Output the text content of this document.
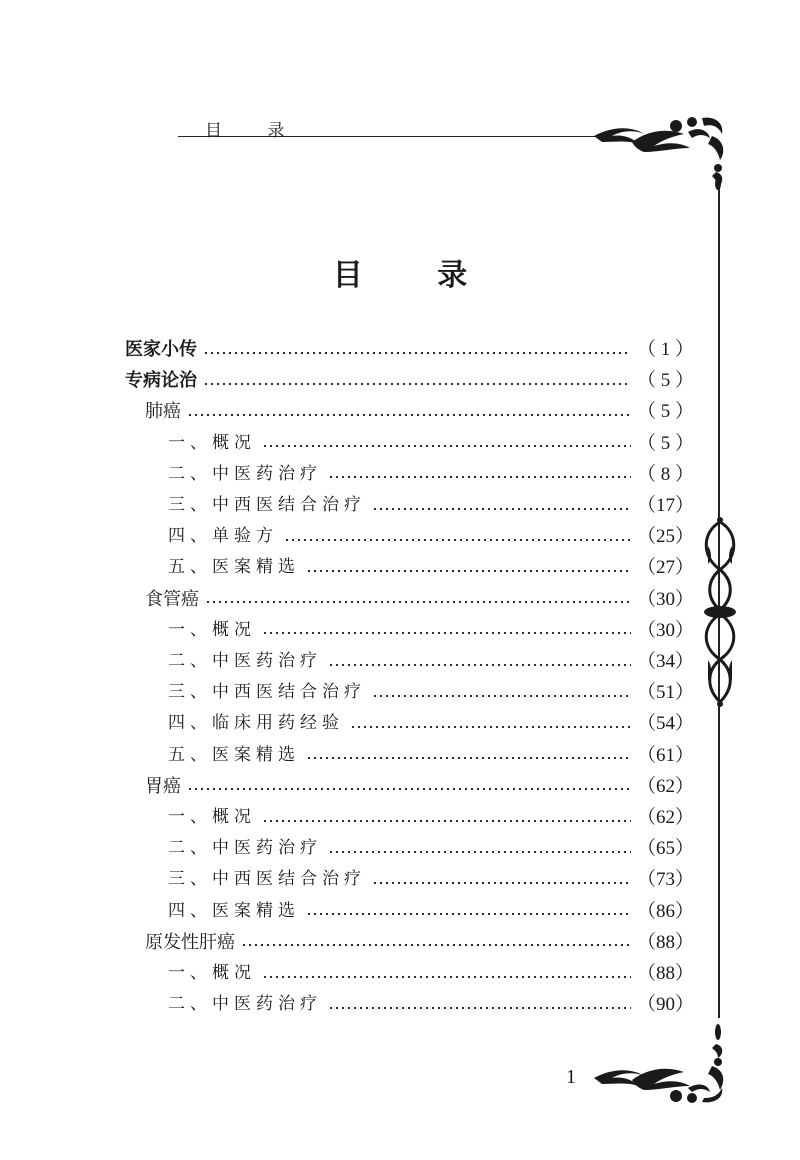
目 录
目 录
医家小传	（ 1 ）
专病论治	（ 5 ）
肺癌	（ 5 ）
一、概况	（ 5 ）
二、中医药治疗	（ 8 ）
三、中西医结合治疗	（17）
四、单验方	（25）
五、医案精选	（27）
食管癌	（30）
一、概况	（30）
二、中医药治疗	（34）
三、中西医结合治疗	（51）
四、临床用药经验	（54）
五、医案精选	（61）
胃癌	（62）
一、概况	（62）
二、中医药治疗	（65）
三、中西医结合治疗	（73）
四、医案精选	（86）
原发性肝癌	（88）
一、概况	（88）
二、中医药治疗	（90）
1
